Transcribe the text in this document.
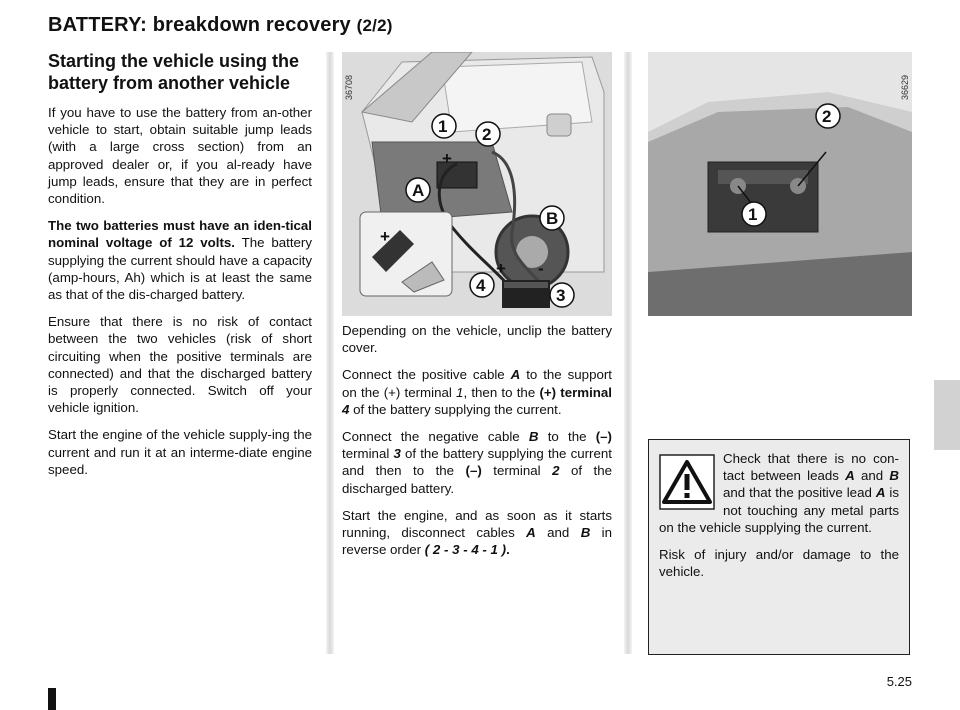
BATTERY: breakdown recovery (2/2)
Starting the vehicle using the battery from another vehicle

If you have to use the battery from an-other vehicle to start, obtain suitable jump leads (with a large cross section) from an approved dealer or, if you al-ready have jump leads, ensure that they are in perfect condition.

The two batteries must have an iden-tical nominal voltage of 12 volts. The battery supplying the current should have a capacity (amp-hours, Ah) which is at least the same as that of the dis-charged battery.

Ensure that there is no risk of contact between the two vehicles (risk of short circuiting when the positive terminals are connected) and that the discharged battery is properly connected. Switch off your vehicle ignition.

Start the engine of the vehicle supply-ing the current and run it at an interme-diate engine speed.

+
+
+ -
1 2
A
B
4
3
36708

Depending on the vehicle, unclip the battery cover.

Connect the positive cable A to the support on the (+) terminal 1, then to the (+) terminal 4 of the battery supplying the current.

Connect the negative cable B to the (–) terminal 3 of the battery supplying the current and then to the (–) terminal 2 of the discharged battery.

Start the engine, and as soon as it starts running, disconnect cables A and B in reverse order ( 2 - 3 - 4 - 1 ).

2
1
36629

Check that there is no con-tact between leads A and B and that the positive lead A is not touching any metal parts on the vehicle supplying the current.

Risk of injury and/or damage to the vehicle.

5.25
